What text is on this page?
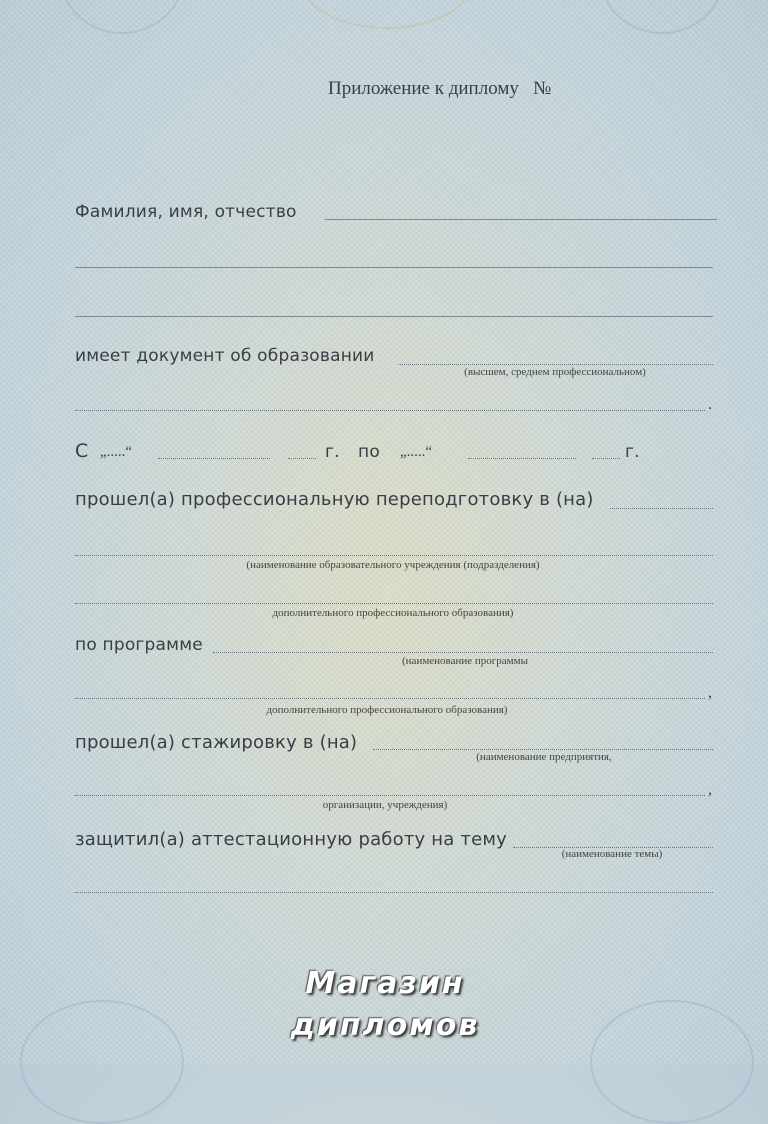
Приложение к диплому №
Фамилия, имя, отчество
имеет документ об образовании
(высшем, среднем профессиональном)
.
С „.....“	г. по „.....“	г.
прошел(а) профессиональную переподготовку в (на)
(наименование образовательного учреждения (подразделения)
дополнительного профессионального образования)
по программе
(наименование программы
,
дополнительного профессионального образования)
прошел(а) стажировку в (на)
(наименование предприятия,
,
организации, учреждения)
защитил(а) аттестационную работу на тему
(наименование темы)
Магазин
дипломов
